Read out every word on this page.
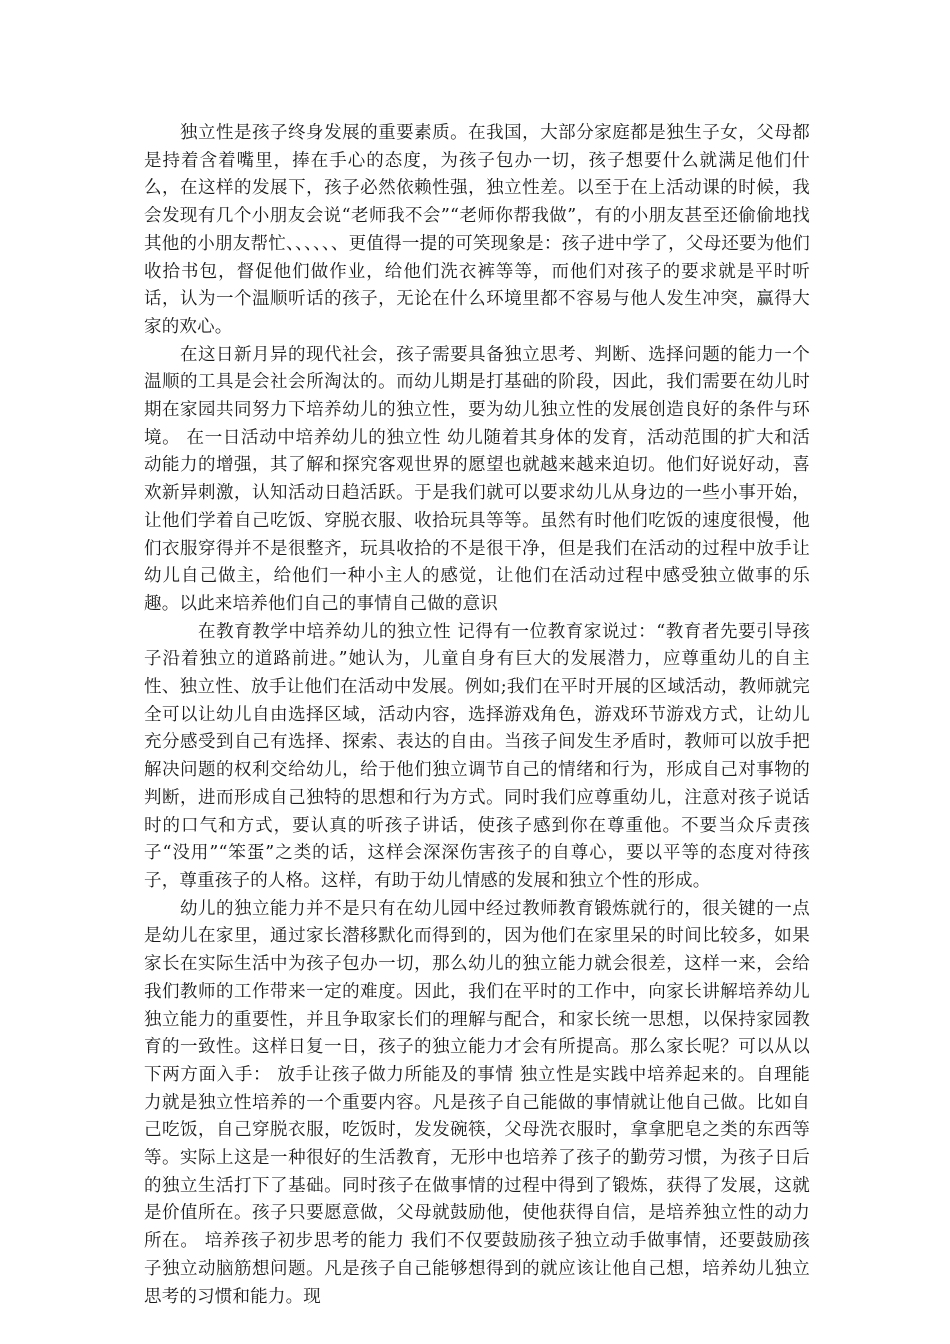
独立性是孩子终身发展的重要素质。在我国，大部分家庭都是独生子女，父母都是持着含着嘴里，捧在手心的态度，为孩子包办一切，孩子想要什么就满足他们什么，在这样的发展下，孩子必然依赖性强，独立性差。以至于在上活动课的时候，我会发现有几个小朋友会说“老师我不会”“老师你帮我做”，有的小朋友甚至还偷偷地找其他的小朋友帮忙、、、、、、更值得一提的可笑现象是：孩子进中学了，父母还要为他们收拾书包，督促他们做作业，给他们洗衣裤等等，而他们对孩子的要求就是平时听话，认为一个温顺听话的孩子，无论在什么环境里都不容易与他人发生冲突，赢得大家的欢心。

在这日新月异的现代社会，孩子需要具备独立思考、判断、选择问题的能力一个温顺的工具是会社会所淘汰的。而幼儿期是打基础的阶段，因此，我们需要在幼儿时期在家园共同努力下培养幼儿的独立性，要为幼儿独立性的发展创造良好的条件与环境。 在一日活动中培养幼儿的独立性 幼儿随着其身体的发育，活动范围的扩大和活动能力的增强，其了解和探究客观世界的愿望也就越来越来迫切。他们好说好动，喜欢新异刺激，认知活动日趋活跃。于是我们就可以要求幼儿从身边的一些小事开始，让他们学着自己吃饭、穿脱衣服、收拾玩具等等。虽然有时他们吃饭的速度很慢，他们衣服穿得并不是很整齐，玩具收拾的不是很干净，但是我们在活动的过程中放手让幼儿自己做主，给他们一种小主人的感觉，让他们在活动过程中感受独立做事的乐趣。以此来培养他们自己的事情自己做的意识

在教育教学中培养幼儿的独立性 记得有一位教育家说过：“教育者先要引导孩子沿着独立的道路前进。”她认为，儿童自身有巨大的发展潜力，应尊重幼儿的自主性、独立性、放手让他们在活动中发展。例如;我们在平时开展的区域活动，教师就完全可以让幼儿自由选择区域，活动内容，选择游戏角色，游戏环节游戏方式，让幼儿充分感受到自己有选择、探索、表达的自由。当孩子间发生矛盾时，教师可以放手把解决问题的权利交给幼儿，给于他们独立调节自己的情绪和行为，形成自己对事物的判断，进而形成自己独特的思想和行为方式。同时我们应尊重幼儿，注意对孩子说话时的口气和方式，要认真的听孩子讲话，使孩子感到你在尊重他。不要当众斥责孩子“没用”“笨蛋”之类的话，这样会深深伤害孩子的自尊心，要以平等的态度对待孩子，尊重孩子的人格。这样，有助于幼儿情感的发展和独立个性的形成。

幼儿的独立能力并不是只有在幼儿园中经过教师教育锻炼就行的，很关键的一点是幼儿在家里，通过家长潜移默化而得到的，因为他们在家里呆的时间比较多，如果家长在实际生活中为孩子包办一切，那么幼儿的独立能力就会很差，这样一来，会给我们教师的工作带来一定的难度。因此，我们在平时的工作中，向家长讲解培养幼儿独立能力的重要性，并且争取家长们的理解与配合，和家长统一思想，以保持家园教育的一致性。这样日复一日，孩子的独立能力才会有所提高。那么家长呢？可以从以下两方面入手： 放手让孩子做力所能及的事情 独立性是实践中培养起来的。自理能力就是独立性培养的一个重要内容。凡是孩子自己能做的事情就让他自己做。比如自己吃饭，自己穿脱衣服，吃饭时，发发碗筷，父母洗衣服时，拿拿肥皂之类的东西等等。实际上这是一种很好的生活教育，无形中也培养了孩子的勤劳习惯，为孩子日后的独立生活打下了基础。同时孩子在做事情的过程中得到了锻炼，获得了发展，这就是价值所在。孩子只要愿意做，父母就鼓励他，使他获得自信，是培养独立性的动力所在。 培养孩子初步思考的能力 我们不仅要鼓励孩子独立动手做事情，还要鼓励孩子独立动脑筋想问题。凡是孩子自己能够想得到的就应该让他自己想，培养幼儿独立思考的习惯和能力。现
